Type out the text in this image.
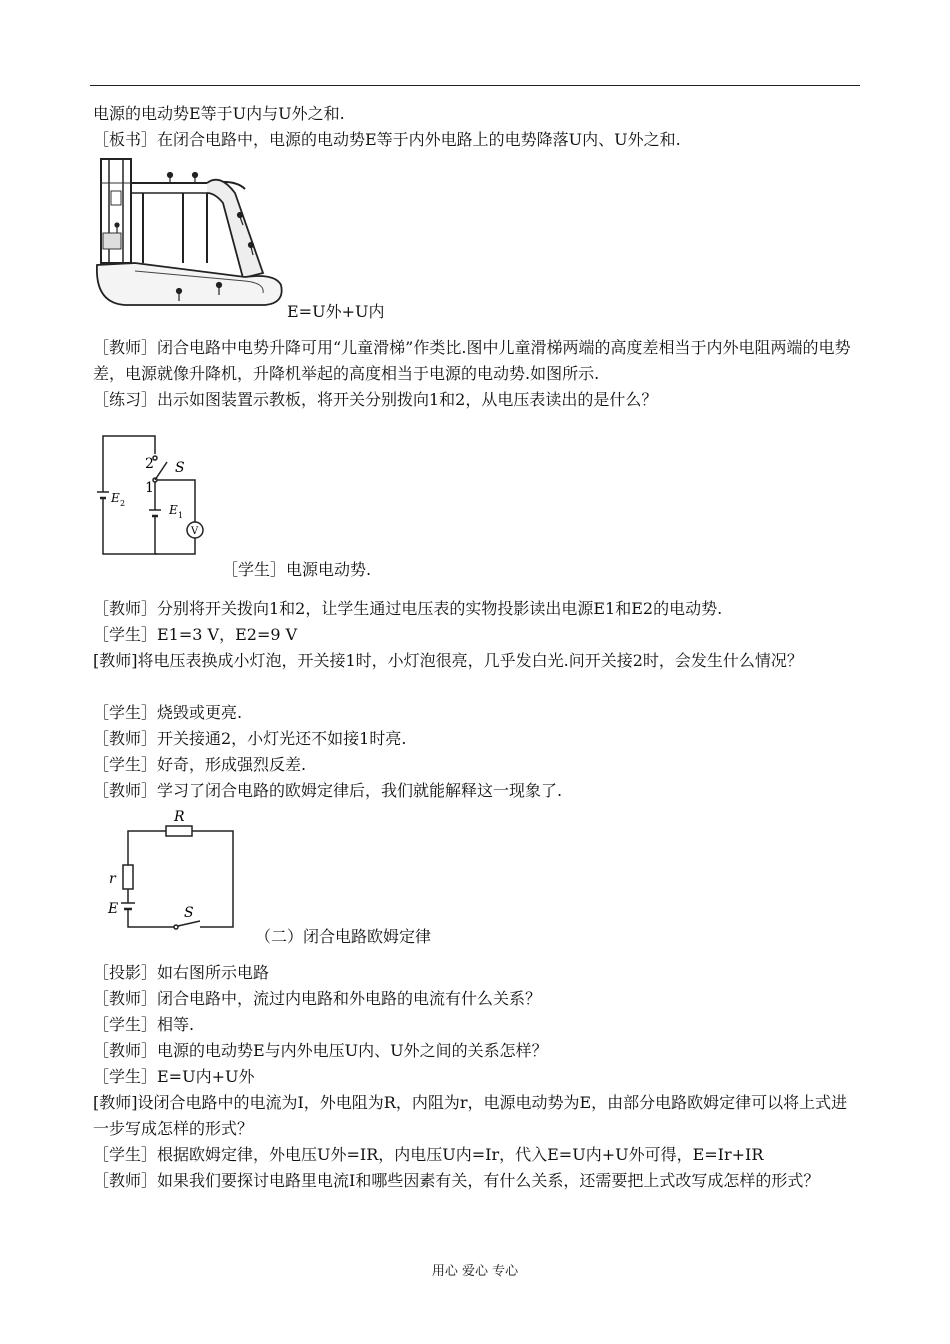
电源的电动势E等于U内与U外之和.
［板书］在闭合电路中，电源的电动势E等于内外电路上的电势降落U内、U外之和.
E=U外+U内
［教师］闭合电路中电势升降可用“儿童滑梯”作类比.图中儿童滑梯两端的高度差相当于内外电阻两端的电势差，电源就像升降机，升降机举起的高度相当于电源的电动势.如图所示.
［练习］出示如图装置示教板，将开关分别拨向1和2，从电压表读出的是什么？
2
1
S
E 2	E 1
V
［学生］电源电动势.
［教师］分别将开关拨向1和2，让学生通过电压表的实物投影读出电源E1和E2的电动势.
［学生］E1=3 V，E2=9 V
[教师]将电压表换成小灯泡，开关接1时，小灯泡很亮，几乎发白光.问开关接2时，会发生什么情况？
［学生］烧毁或更亮.
［教师］开关接通2，小灯光还不如接1时亮.
［学生］好奇，形成强烈反差.
［教师］学习了闭合电路的欧姆定律后，我们就能解释这一现象了.
R
r
E	S
（二）闭合电路欧姆定律
［投影］如右图所示电路
［教师］闭合电路中，流过内电路和外电路的电流有什么关系？
［学生］相等.
［教师］电源的电动势E与内外电压U内、U外之间的关系怎样？
［学生］E=U内+U外
[教师]设闭合电路中的电流为I，外电阻为R，内阻为r，电源电动势为E，由部分电路欧姆定律可以将上式进一步写成怎样的形式？
［学生］根据欧姆定律，外电压U外=IR，内电压U内=Ir，代入E=U内+U外可得，E=Ir+IR
［教师］如果我们要探讨电路里电流I和哪些因素有关，有什么关系，还需要把上式改写成怎样的形式？
用心 爱心 专心
